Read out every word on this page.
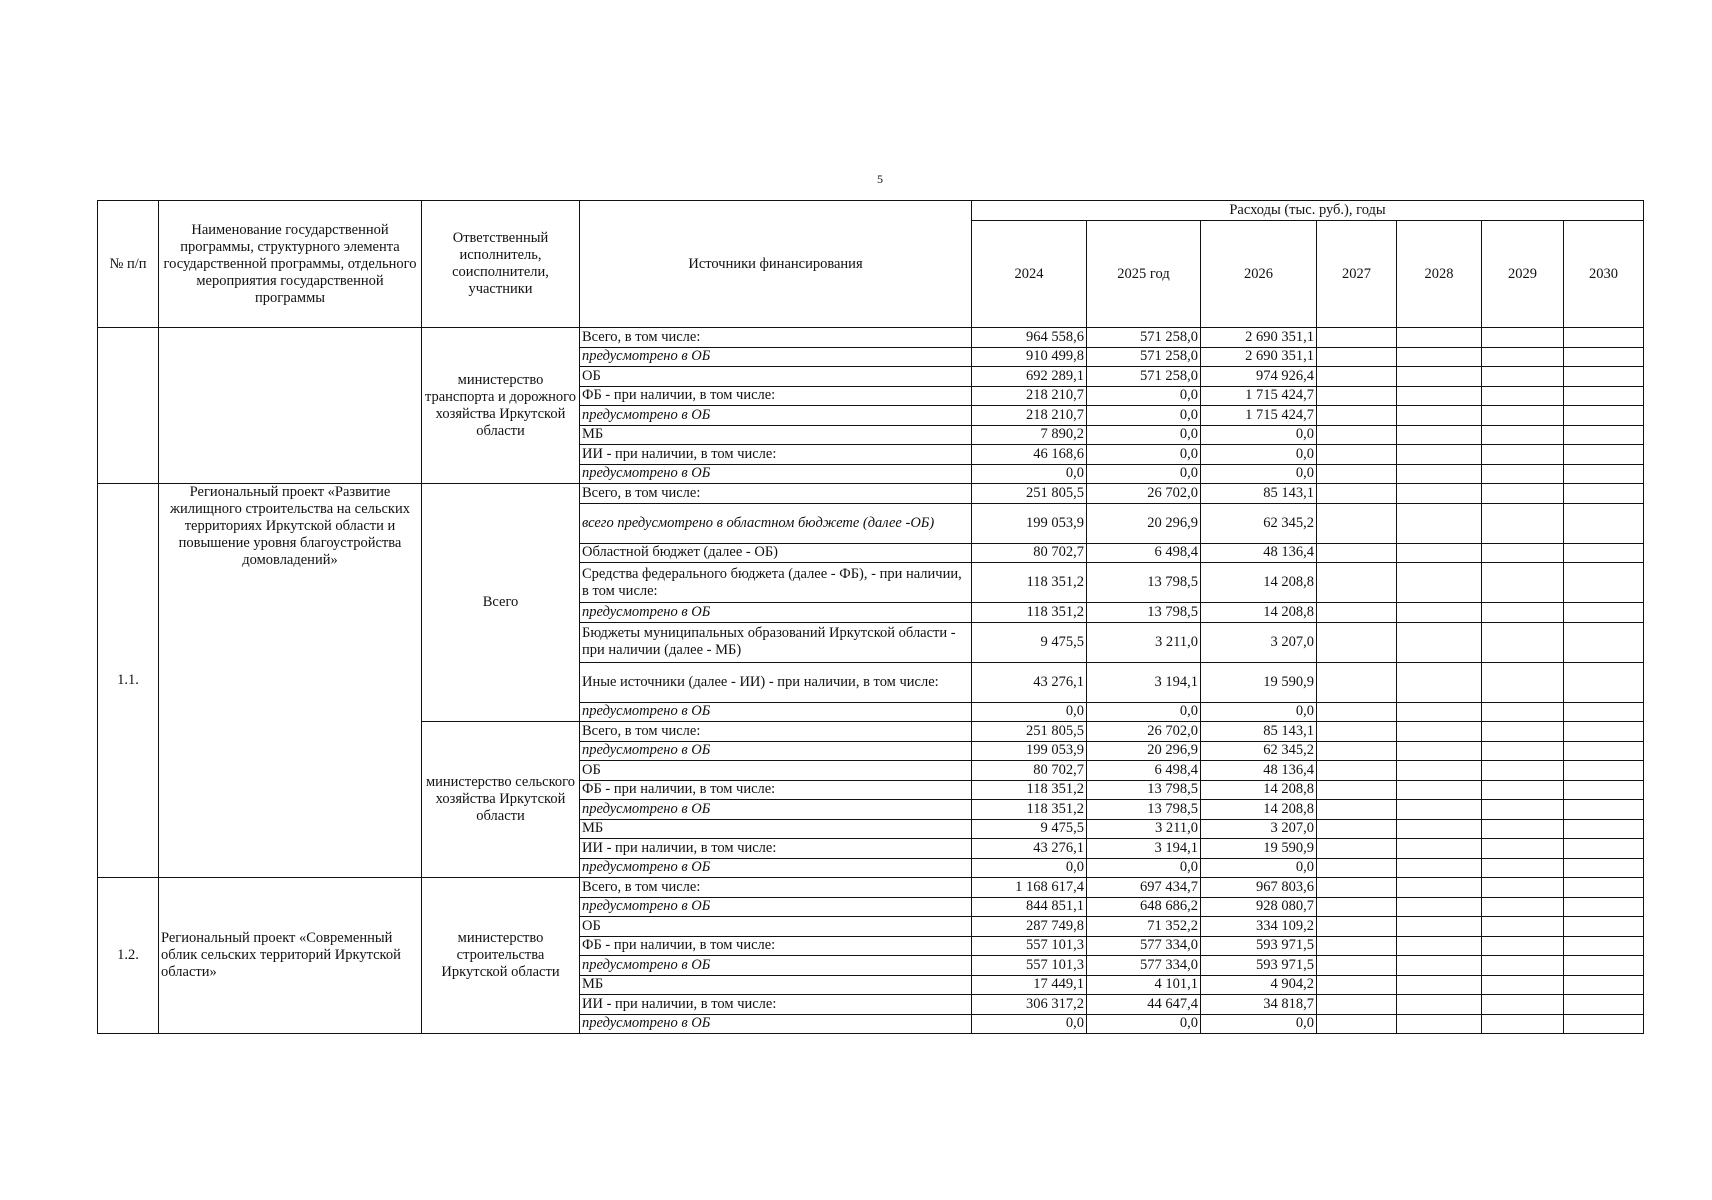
5
№ п/п	Наименование государственной программы, структурного элемента государственной программы, отдельного мероприятия государственной программы	Ответственный исполнитель, соисполнители, участники	Источники финансирования	Расходы (тыс. руб.), годы						
				2024	2025 год	2026	2027	2028	2029	2030
		министерство транспорта и дорожного хозяйства Иркутской области	Всего, в том числе:	964 558,6	571 258,0	2 690 351,1				
			предусмотрено в ОБ	910 499,8	571 258,0	2 690 351,1				
			ОБ	692 289,1	571 258,0	974 926,4				
			ФБ - при наличии, в том числе:	218 210,7	0,0	1 715 424,7				
			предусмотрено в ОБ	218 210,7	0,0	1 715 424,7				
			МБ	7 890,2	0,0	0,0				
			ИИ - при наличии, в том числе:	46 168,6	0,0	0,0				
			предусмотрено в ОБ	0,0	0,0	0,0				
1.1.	Региональный проект «Развитие жилищного строительства на сельских территориях Иркутской области и повышение уровня благоустройства домовладений»	Всего	Всего, в том числе:	251 805,5	26 702,0	85 143,1				
			всего предусмотрено в областном бюджете (далее -ОБ)	199 053,9	20 296,9	62 345,2				
			Областной бюджет (далее - ОБ)	80 702,7	6 498,4	48 136,4				
			Средства федерального бюджета (далее - ФБ), - при наличии, в том числе:	118 351,2	13 798,5	14 208,8				
			предусмотрено в ОБ	118 351,2	13 798,5	14 208,8				
			Бюджеты муниципальных образований Иркутской области - при наличии (далее - МБ)	9 475,5	3 211,0	3 207,0				
			Иные источники (далее - ИИ) - при наличии, в том числе:	43 276,1	3 194,1	19 590,9				
			предусмотрено в ОБ	0,0	0,0	0,0				
		министерство сельского хозяйства Иркутской области	Всего, в том числе:	251 805,5	26 702,0	85 143,1				
			предусмотрено в ОБ	199 053,9	20 296,9	62 345,2				
			ОБ	80 702,7	6 498,4	48 136,4				
			ФБ - при наличии, в том числе:	118 351,2	13 798,5	14 208,8				
			предусмотрено в ОБ	118 351,2	13 798,5	14 208,8				
			МБ	9 475,5	3 211,0	3 207,0				
			ИИ - при наличии, в том числе:	43 276,1	3 194,1	19 590,9				
			предусмотрено в ОБ	0,0	0,0	0,0				
1.2.	Региональный проект «Современный облик сельских территорий Иркутской области»	министерство строительства Иркутской области	Всего, в том числе:	1 168 617,4	697 434,7	967 803,6				
			предусмотрено в ОБ	844 851,1	648 686,2	928 080,7				
			ОБ	287 749,8	71 352,2	334 109,2				
			ФБ - при наличии, в том числе:	557 101,3	577 334,0	593 971,5				
			предусмотрено в ОБ	557 101,3	577 334,0	593 971,5				
			МБ	17 449,1	4 101,1	4 904,2				
			ИИ - при наличии, в том числе:	306 317,2	44 647,4	34 818,7				
			предусмотрено в ОБ	0,0	0,0	0,0				
